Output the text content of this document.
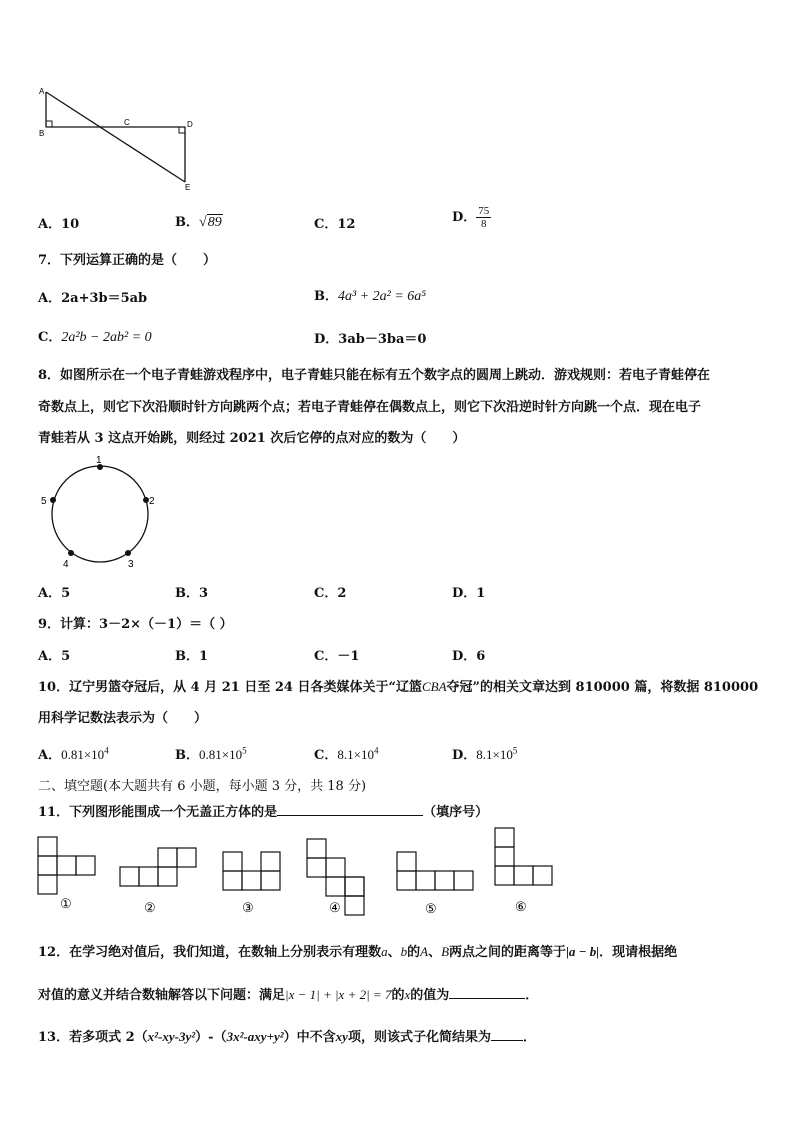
A
B
C	D
E
A．10	B．√89	C．12	D． $\frac{75}{8}$
7．下列运算正确的是（　　）
A．2a+3b＝5ab	B．4a³ + 2a² = 6a⁵
C．2a²b − 2ab² = 0	D．3ab－3ba＝0
8．如图所示在一个电子青蛙游戏程序中，电子青蛙只能在标有五个数字点的圆周上跳动．游戏规则：若电子青蛙停在
奇数点上，则它下次沿顺时针方向跳两个点；若电子青蛙停在偶数点上，则它下次沿逆时针方向跳一个点．现在电子
青蛙若从 3 这点开始跳，则经过 2021 次后它停的点对应的数为（　　）
1
2
3
4
5
A．5	B．3	C．2	D．1
9．计算：3－2×（－1）＝（ ）
A．5	B．1	C．－1	D．6
10．辽宁男篮夺冠后，从 4 月 21 日至 24 日各类媒体关于“辽篮CBA夺冠”的相关文章达到 810000 篇，将数据 810000
用科学记数法表示为（　　）
A．$0.81\times 10^4$	B．$0.81\times 10^5$	C．$8.1\times 10^4$	D．$8.1\times 10^5$
二、填空题(本大题共有 6 小题，每小题 3 分，共 18 分)
11．下列图形能围成一个无盖正方体的是	（填序号）
①	②	③	④	⑤	⑥
12．在学习绝对值后，我们知道，在数轴上分别表示有理数a、b的A、B两点之间的距离等于|a − b|．现请根据绝
对值的意义并结合数轴解答以下问题：满足|x − 1| + |x + 2| = 7的x的值为	．
13．若多项式 2（x²-xy-3y²）-（3x²-axy+y²）中不含xy项，则该式子化简结果为 ．
